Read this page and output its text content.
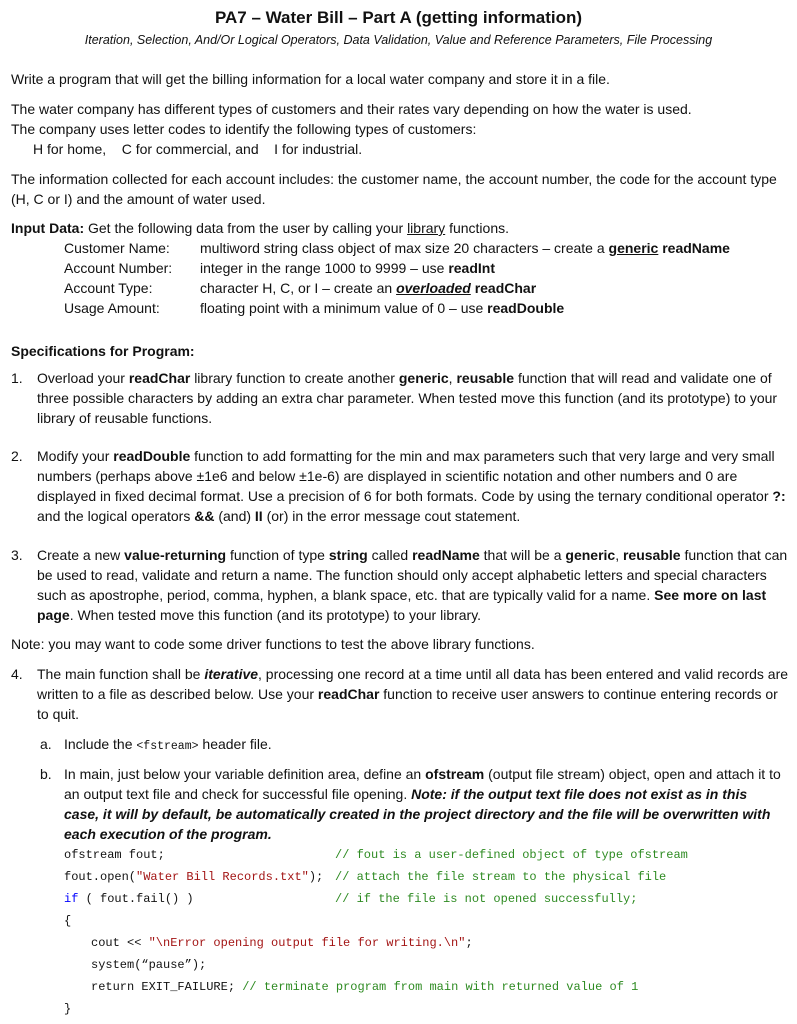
PA7 – Water Bill – Part A (getting information)
Iteration, Selection, And/Or Logical Operators, Data Validation, Value and Reference Parameters, File Processing
Write a program that will get the billing information for a local water company and store it in a file.
The water company has different types of customers and their rates vary depending on how the water is used.
The company uses letter codes to identify the following types of customers:
H for home,    C for commercial, and    I for industrial.
The information collected for each account includes: the customer name, the account number, the code for the account type (H, C or I) and the amount of water used.
Input Data: Get the following data from the user by calling your library functions.
Customer Name: multiword string class object of max size 20 characters – create a generic readName
Account Number: integer in the range 1000 to 9999 – use readInt
Account Type:	character H, C, or I – create an overloaded readChar
Usage Amount:	floating point with a minimum value of 0 – use readDouble
Specifications for Program:
1. Overload your readChar library function to create another generic, reusable function that will read and validate one of three possible characters by adding an extra char parameter. When tested move this function (and its prototype) to your library of reusable functions.
2. Modify your readDouble function to add formatting for the min and max parameters such that very large and very small numbers (perhaps above ±1e6 and below ±1e-6) are displayed in scientific notation and other numbers and 0 are displayed in fixed decimal format. Use a precision of 6 for both formats. Code by using the ternary conditional operator ?: and the logical operators && (and) II (or) in the error message cout statement.
3. Create a new value-returning function of type string called readName that will be a generic, reusable function that can be used to read, validate and return a name. The function should only accept alphabetic letters and special characters such as apostrophe, period, comma, hyphen, a blank space, etc. that are typically valid for a name. See more on last page. When tested move this function (and its prototype) to your library.
Note: you may want to code some driver functions to test the above library functions.
4. The main function shall be iterative, processing one record at a time until all data has been entered and valid records are written to a file as described below. Use your readChar function to receive user answers to continue entering records or to quit.
a. Include the <fstream> header file.
b. In main, just below your variable definition area, define an ofstream (output file stream) object, open and attach it to an output text file and check for successful file opening. Note: if the output text file does not exist as in this case, it will by default, be automatically created in the project directory and the file will be overwritten with each execution of the program.
ofstream fout;	// fout is a user-defined object of type ofstream
fout.open("Water Bill Records.txt"); // attach the file stream to the physical file
if ( fout.fail() )	// if the file is not opened successfully;
{
cout << "\nError opening output file for writing.\n";
system(“pause”);
return EXIT_FAILURE; // terminate program from main with returned value of 1
}
